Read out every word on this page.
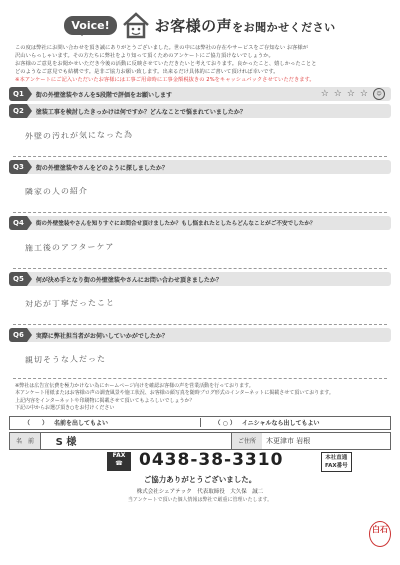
Voice!	お客様の声をお聞かせください
この度は弊社にお問い合わせを頂き誠にありがとうございました。世の中には弊社の存在やサービスをご存知ない お客様が
沢山いらっしゃいます。その方たちに弊社をより知って頂くためのアンケートにご協力頂けないでしょうか。
お客様のご意見をお聞かせいただき今後の活動に反映させていただきたいと考えております。良かったこと、嬉しかったことと
どのようなご意見でも結構です。是非ご協力お願い致します。出来るだけ具体的にご書いて頂ければ幸いです。
※本アンケートにご記入いただいたお客様には工事ご用命時に工事金額税抜きの 2%をキャッシュバックさせていただきます。
Q1	街の外壁塗装やさんを5段階で評価をお願いします	☆ ☆ ☆ ☆	☺
Q2	塗装工事を検討したきっかけは何ですか？どんなことで悩まれていましたか？
外壁の汚れが気になった為
Q3	街の外壁塗装やさんをどのように探しましたか？
隣家の人の紹介
Q4	街の外壁塗装やさんを知りすぐにお問合せ頂けましたか？もし悩まれたとしたらどんなことがご不安でしたか？
施工後のアフターケア
Q5	何が決め手となり街の外壁塗装やさんにお問い合わせ頂きましたか？
対応が丁寧だったこと
Q6	実際に弊社担当者がお伺いしていかがでしたか？
親切そうな人だった
※弊社は広告宣伝費を極力かけない為にホームページ向けを確認お客様の声を営業活動を行っております。
本アンケート用紙またはお客様の声の調査風景や施工状況、お客様の顔写真を随時ブログ形式のインターネットに掲載させて頂いております。
上記内容をインターネットや印刷物に掲載させて頂いてもよろしいでしょうか？
下記の中からお選び頂き○をお付けください
（　　） 名前を出してもよい	（ ○ ） イニシャルなら出してもよい
名　前	S 様	ご住所	木更津市 岩根
FAX
☎ 0438-38-3310	本社直通
FAX番号
ご協力ありがとうございました。
株式会社シェアテック　代表取締役　大久保　誠二
当アンケートで頂いた個人情報は弊社で厳重に管理いたします。
白石
